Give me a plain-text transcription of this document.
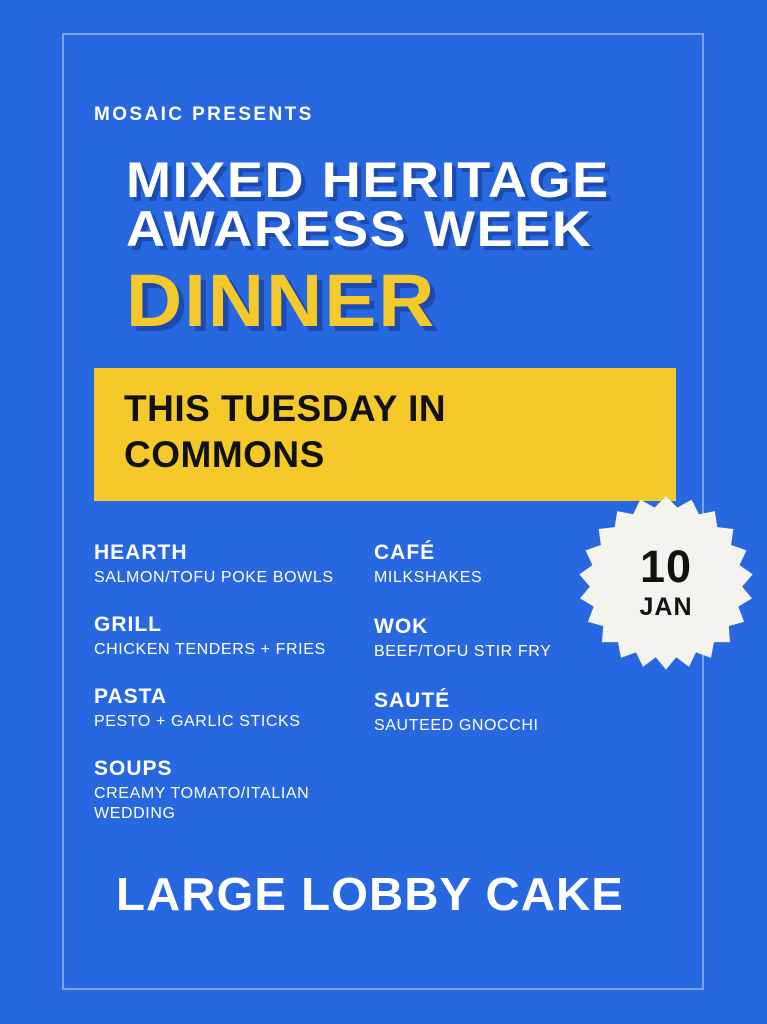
MOSAIC PRESENTS

MIXED HERITAGE

AWARESS WEEK

DINNER

THIS TUESDAY IN COMMONS

HEARTH

SALMON/TOFU POKE BOWLS

GRILL

CHICKEN TENDERS + FRIES

PASTA

PESTO + GARLIC STICKS

SOUPS

CREAMY TOMATO/ITALIAN WEDDING

CAFÉ

MILKSHAKES

WOK

BEEF/TOFU STIR FRY

SAUTÉ

SAUTEED GNOCCHI

LARGE LOBBY CAKE

10
JAN
